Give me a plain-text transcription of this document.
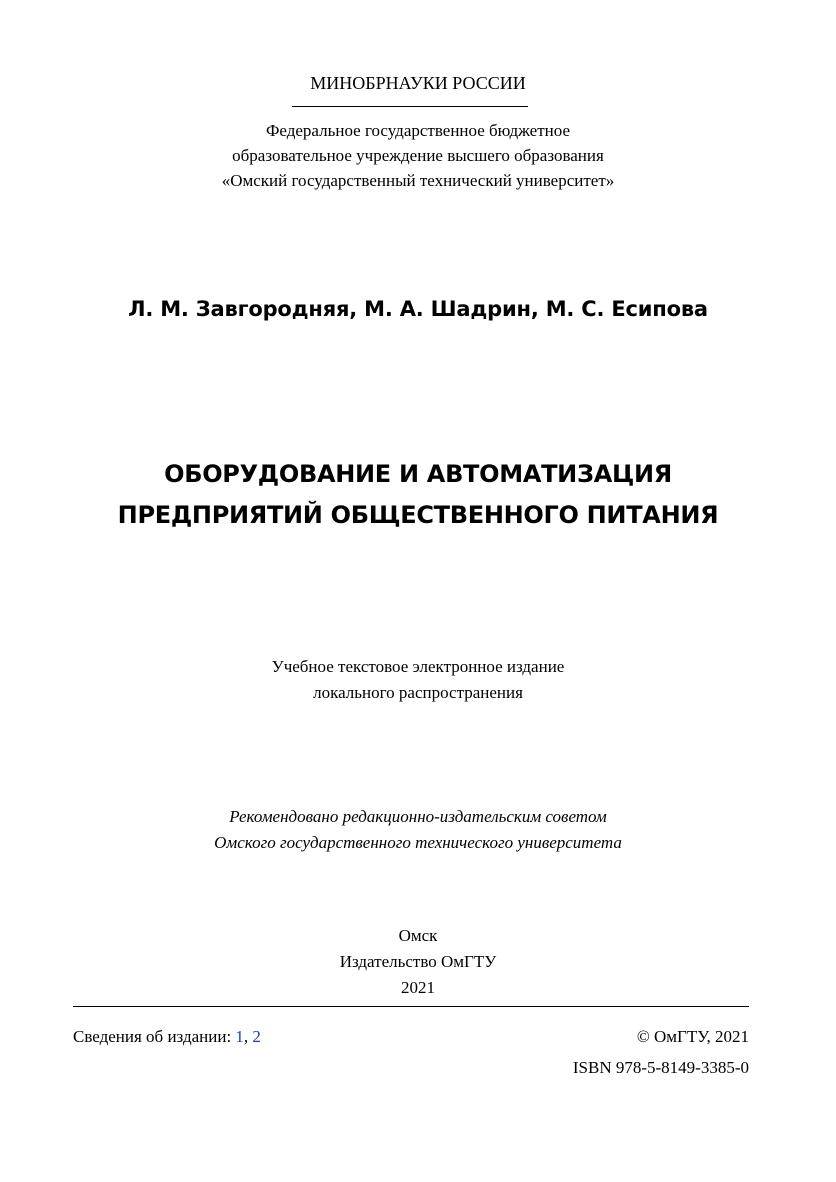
МИНОБРНАУКИ РОССИИ

Федеральное государственное бюджетное
образовательное учреждение высшего образования
«Омский государственный технический университет»

Л. М. Завгородняя, М. А. Шадрин, М. С. Есипова

ОБОРУДОВАНИЕ И АВТОМАТИЗАЦИЯ
ПРЕДПРИЯТИЙ ОБЩЕСТВЕННОГО ПИТАНИЯ

Учебное текстовое электронное издание
локального распространения

Рекомендовано редакционно-издательским советом
Омского государственного технического университета

Омск
Издательство ОмГТУ
2021

Сведения об издании: 1, 2	© ОмГТУ, 2021

ISBN 978-5-8149-3385-0
